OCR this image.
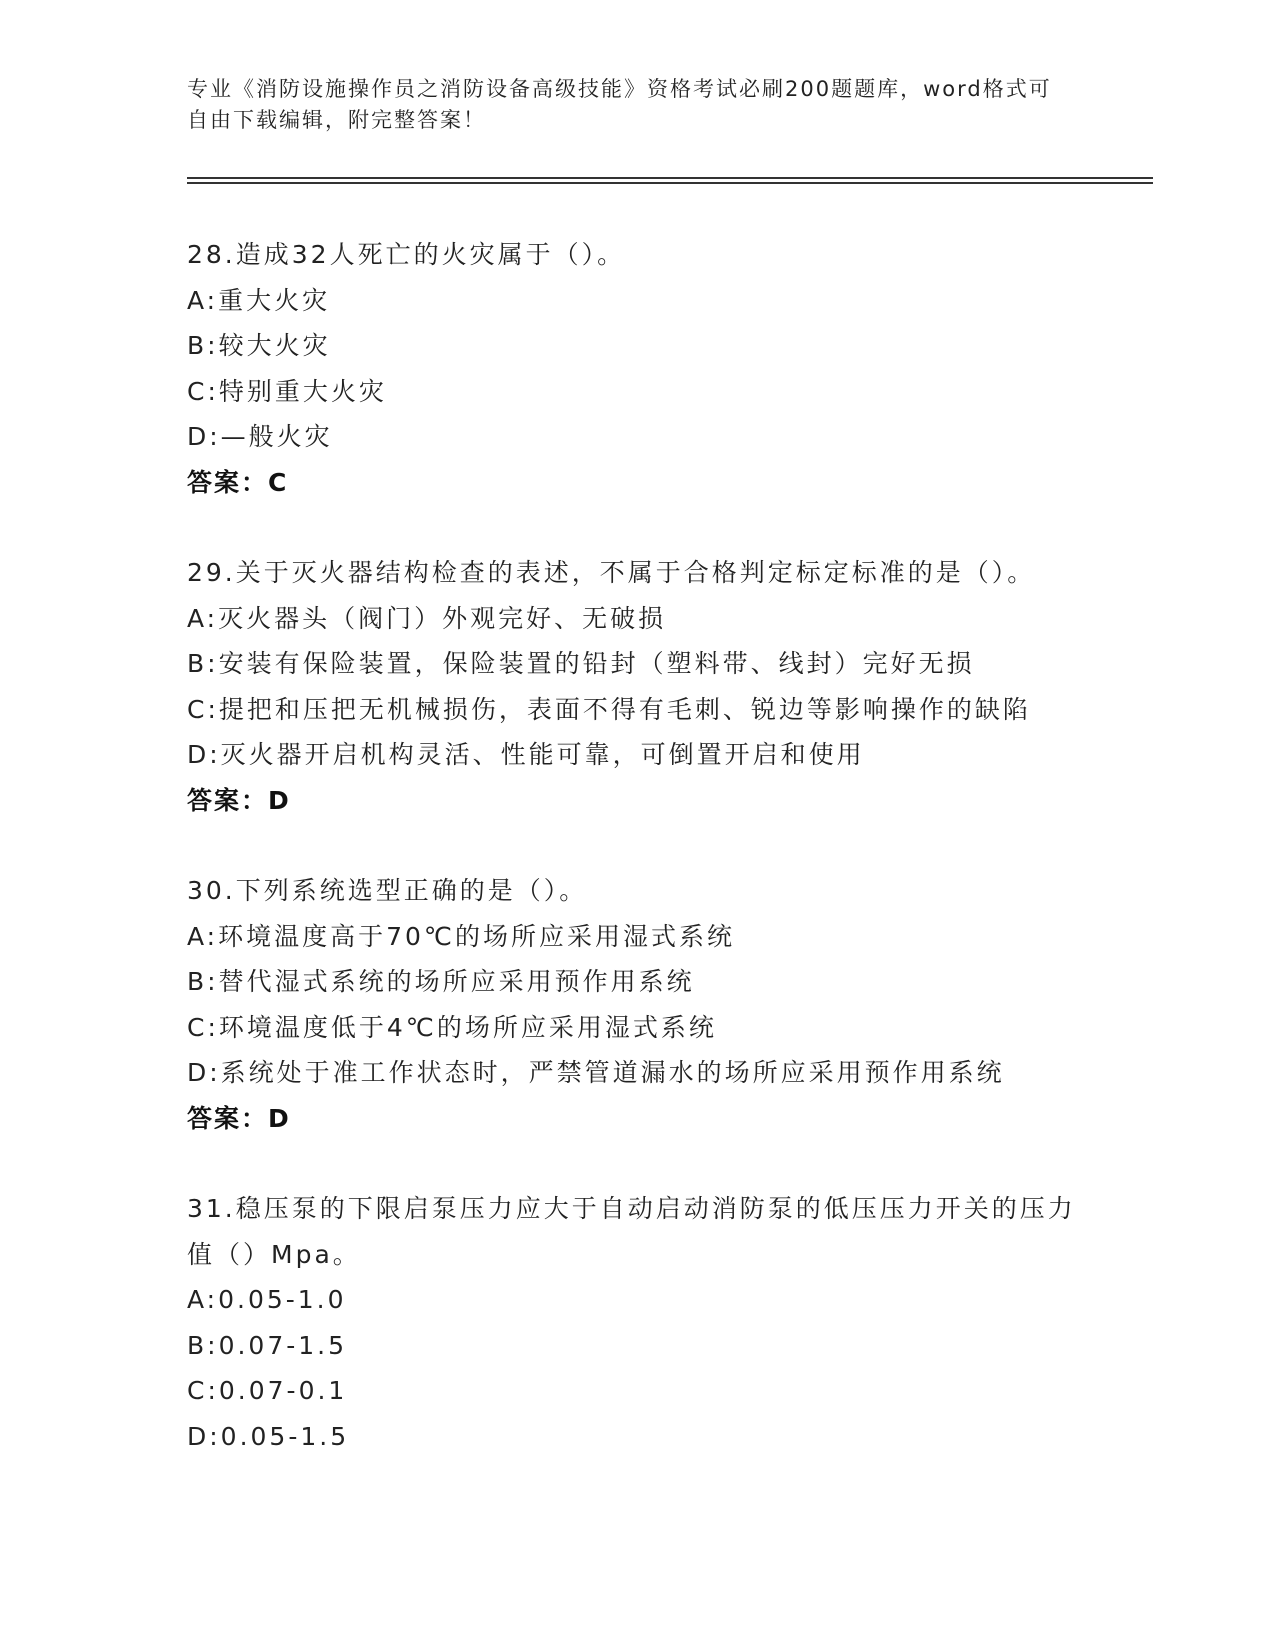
专业《消防设施操作员之消防设备高级技能》资格考试必刷200题题库，word格式可自由下载编辑，附完整答案！
28.造成32人死亡的火灾属于（）。
A:重大火灾
B:较大火灾
C:特别重大火灾
D:—般火灾
答案：C
29.关于灭火器结构检查的表述，不属于合格判定标定标准的是（）。
A:灭火器头（阀门）外观完好、无破损
B:安装有保险装置，保险装置的铅封（塑料带、线封）完好无损
C:提把和压把无机械损伤，表面不得有毛刺、锐边等影响操作的缺陷
D:灭火器开启机构灵活、性能可靠，可倒置开启和使用
答案：D
30.下列系统选型正确的是（）。
A:环境温度高于70℃的场所应采用湿式系统
B:替代湿式系统的场所应采用预作用系统
C:环境温度低于4℃的场所应采用湿式系统
D:系统处于准工作状态时，严禁管道漏水的场所应采用预作用系统
答案：D
31.稳压泵的下限启泵压力应大于自动启动消防泵的低压压力开关的压力值（）Mpa。
A:0.05-1.0
B:0.07-1.5
C:0.07-0.1
D:0.05-1.5
